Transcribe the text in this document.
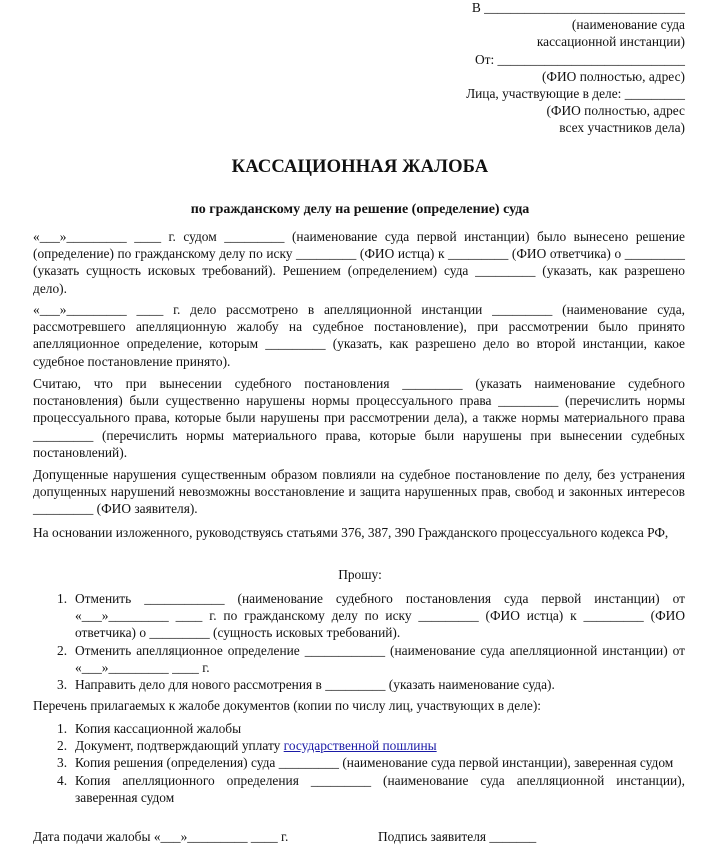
В ______________________________
(наименование суда
кассационной инстанции)
От: ____________________________
(ФИО полностью, адрес)
Лица, участвующие в деле: _________
(ФИО полностью, адрес
всех участников дела)
КАССАЦИОННАЯ ЖАЛОБА
по гражданскому делу на решение (определение) суда

«___»_________ ____ г. судом _________ (наименование суда первой инстанции) было вынесено решение (определение) по гражданскому делу по иску _________ (ФИО истца) к _________ (ФИО ответчика) о _________ (указать сущность исковых требований). Решением (определением) суда _________ (указать, как разрешено дело).

«___»_________ ____ г. дело рассмотрено в апелляционной инстанции _________ (наименование суда, рассмотревшего апелляционную жалобу на судебное постановление), при рассмотрении было принято апелляционное определение, которым _________ (указать, как разрешено дело во второй инстанции, какое судебное постановление принято).

Считаю, что при вынесении судебного постановления _________ (указать наименование судебного постановления) были существенно нарушены нормы процессуального права _________ (перечислить нормы процессуального права, которые были нарушены при рассмотрении дела), а также нормы материального права _________ (перечислить нормы материального права, которые были нарушены при вынесении судебных постановлений).

Допущенные нарушения существенным образом повлияли на судебное постановление по делу, без устранения допущенных нарушений невозможны восстановление и защита нарушенных прав, свобод и законных интересов _________ (ФИО заявителя).

На основании изложенного, руководствуясь статьями 376, 387, 390 Гражданского процессуального кодекса РФ,

Прошу:
1. Отменить ____________ (наименование судебного постановления суда первой инстанции) от «___»_________ ____ г. по гражданскому делу по иску _________ (ФИО истца) к _________ (ФИО ответчика) о _________ (сущность исковых требований).
2. Отменить апелляционное определение ____________ (наименование суда апелляционной инстанции) от «___»_________ ____ г.
3. Направить дело для нового рассмотрения в _________ (указать наименование суда).

Перечень прилагаемых к жалобе документов (копии по числу лиц, участвующих в деле):

1. Копия кассационной жалобы
2. Документ, подтверждающий уплату государственной пошлины
3. Копия решения (определения) суда _________ (наименование суда первой инстанции), заверенная судом
4. Копия апелляционного определения _________ (наименование суда апелляционной инстанции), заверенная судом
Дата подачи жалобы «___»_________ ____ г.	Подпись заявителя _______
